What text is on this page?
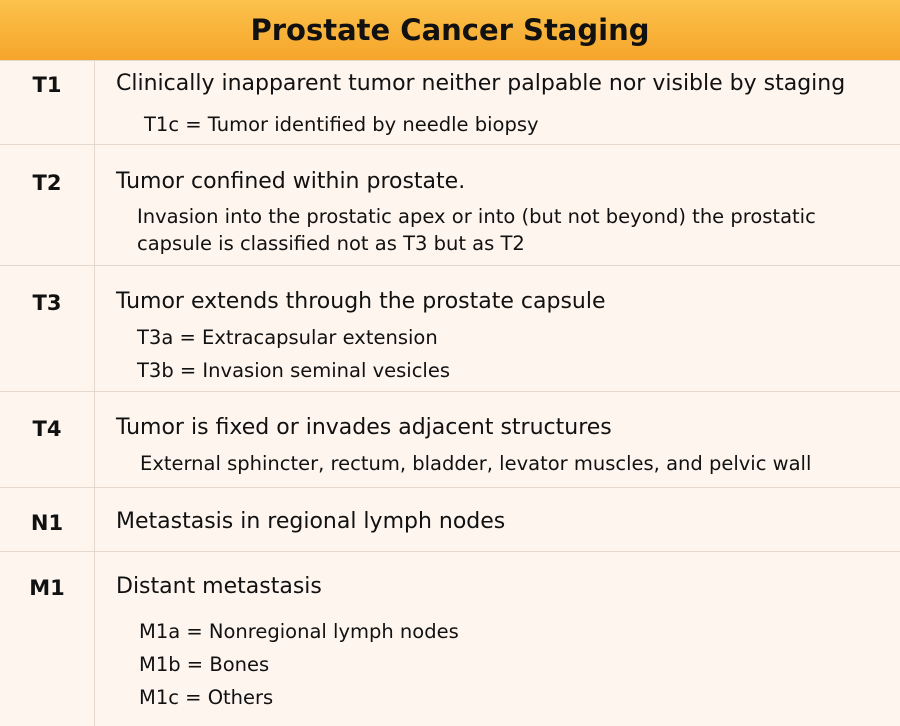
Prostate Cancer Staging
T1	Clinically inapparent tumor neither palpable nor visible by staging
T1c = Tumor identified by needle biopsy
T2	Tumor confined within prostate.
Invasion into the prostatic apex or into (but not beyond) the prostatic capsule is classified not as T3 but as T2
T3	Tumor extends through the prostate capsule
T3a = Extracapsular extension
T3b = Invasion seminal vesicles
T4	Tumor is fixed or invades adjacent structures
External sphincter, rectum, bladder, levator muscles, and pelvic wall
N1	Metastasis in regional lymph nodes
M1	Distant metastasis
M1a = Nonregional lymph nodes
M1b = Bones
M1c = Others
